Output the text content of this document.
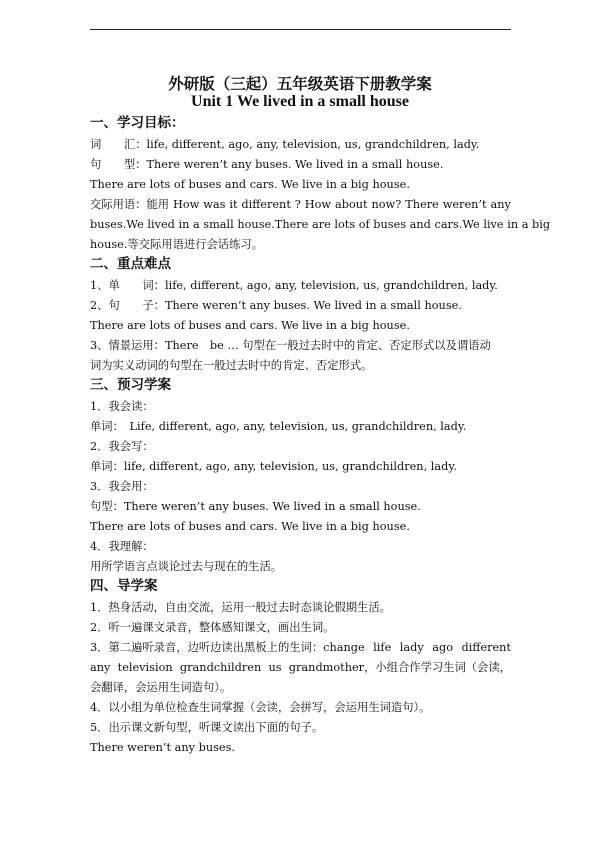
外研版（三起）五年级英语下册教学案
Unit 1 We lived in a small house
一、学习目标：
词　　汇：life, different, ago, any, television, us, grandchildren, lady.
句　　型：There weren’t any buses. We lived in a small house.
There are lots of buses and cars. We live in a big house.
交际用语：能用 How was it different ? How about now? There weren’t any
buses. We lived in a small house. There are lots of buses and cars. We live in a big
house.等交际用语进行会话练习。
二、重点难点
1、单　　词：life, different, ago, any, television, us, grandchildren, lady.
2、句　　子：There weren’t any buses. We lived in a small house.
There are lots of buses and cars. We live in a big house.
3、情景运用：There　be … 句型在一般过去时中的肯定、否定形式以及谓语动
词为实义动词的句型在一般过去时中的肯定、否定形式。
三、预习学案
1．我会读：
单词：　Life, different, ago, any, television, us, grandchildren, lady.
2．我会写：
单词：life, different, ago, any, television, us, grandchildren, lady.
3．我会用：
句型：There weren’t any buses. We lived in a small house.
There are lots of buses and cars. We live in a big house.
4．我理解：
用所学语言点谈论过去与现在的生活。
四、导学案
1．热身活动，自由交流，运用一般过去时态谈论假期生活。
2．听一遍课文录音，整体感知课文，画出生词。
3．第二遍听录音，边听边读出黑板上的生词：change life lady ago different
any television grandchildren us grandmother，小组合作学习生词（会读，
会翻译，会运用生词造句）。
4．以小组为单位检查生词掌握（会读，会拼写，会运用生词造句）。
5．出示课文新句型，听课文读出下面的句子。
There weren’t any buses.
